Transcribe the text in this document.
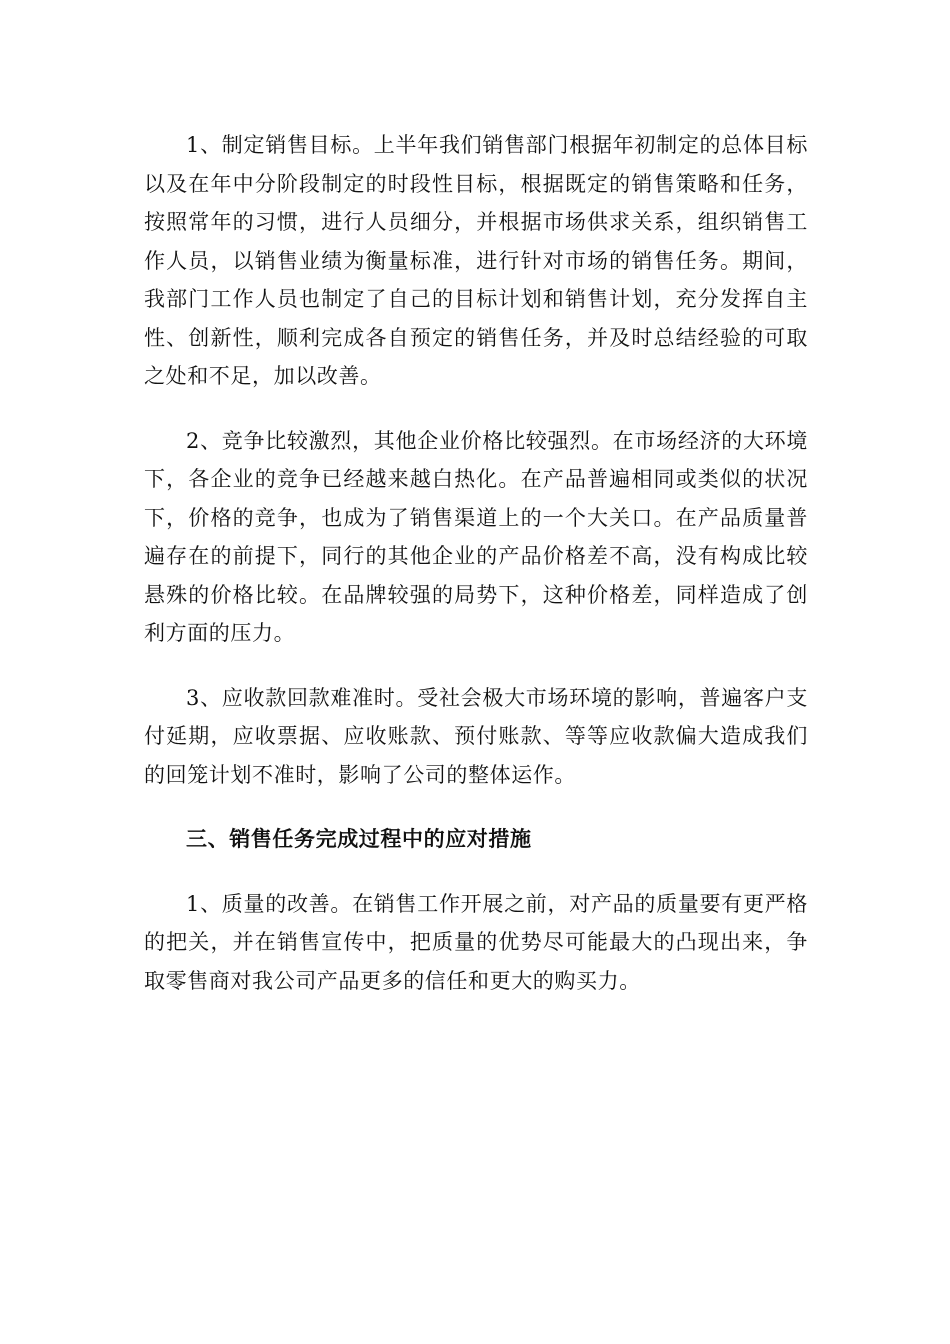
1、制定销售目标。上半年我们销售部门根据年初制定的总体目标以及在年中分阶段制定的时段性目标，根据既定的销售策略和任务，按照常年的习惯，进行人员细分，并根据市场供求关系，组织销售工作人员，以销售业绩为衡量标准，进行针对市场的销售任务。期间，我部门工作人员也制定了自己的目标计划和销售计划，充分发挥自主性、创新性，顺利完成各自预定的销售任务，并及时总结经验的可取之处和不足，加以改善。

2、竞争比较激烈，其他企业价格比较强烈。在市场经济的大环境下，各企业的竞争已经越来越白热化。在产品普遍相同或类似的状况下，价格的竞争，也成为了销售渠道上的一个大关口。在产品质量普遍存在的前提下，同行的其他企业的产品价格差不高，没有构成比较悬殊的价格比较。在品牌较强的局势下，这种价格差，同样造成了创利方面的压力。

3、应收款回款难准时。受社会极大市场环境的影响，普遍客户支付延期，应收票据、应收账款、预付账款、等等应收款偏大造成我们的回笼计划不准时，影响了公司的整体运作。

三、销售任务完成过程中的应对措施

1、质量的改善。在销售工作开展之前，对产品的质量要有更严格的把关，并在销售宣传中，把质量的优势尽可能最大的凸现出来，争取零售商对我公司产品更多的信任和更大的购买力。
